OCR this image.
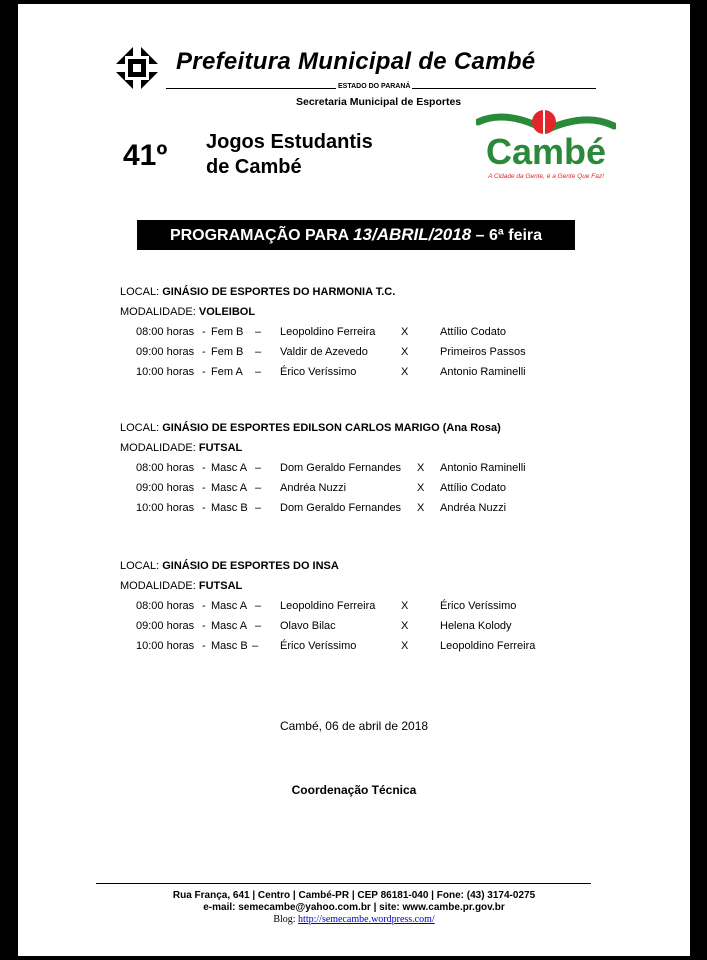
Prefeitura Municipal de Cambé
ESTADO DO PARANÁ
Secretaria Municipal de Esportes
41º Jogos Estudantis
de Cambé	Cambé
A Cidade da Gente, é a Gente Que Faz!
PROGRAMAÇÃO PARA 13/ABRIL/2018 – 6ª feira
LOCAL: GINÁSIO DE ESPORTES DO HARMONIA T.C.
MODALIDADE: VOLEIBOL
08:00 horas - Fem B – Leopoldino Ferreira X	Attílio Codato
09:00 horas - Fem B – Valdir de Azevedo	X	Primeiros Passos
10:00 horas - Fem A – Érico Veríssimo	X	Antonio Raminelli
LOCAL: GINÁSIO DE ESPORTES EDILSON CARLOS MARIGO (Ana Rosa)
MODALIDADE: FUTSAL
08:00 horas - Masc A – Dom Geraldo Fernandes X Antonio Raminelli
09:00 horas - Masc A – Andréa Nuzzi	X Attílio Codato
10:00 horas - Masc B – Dom Geraldo Fernandes X Andréa Nuzzi
LOCAL: GINÁSIO DE ESPORTES DO INSA
MODALIDADE: FUTSAL
08:00 horas - Masc A – Leopoldino Ferreira X	Érico Veríssimo
09:00 horas - Masc A – Olavo Bilac	X	Helena Kolody
10:00 horas - Masc B – Érico Veríssimo	X	Leopoldino Ferreira
Cambé, 06 de abril de 2018
Coordenação Técnica
Rua França, 641 | Centro | Cambé-PR | CEP 86181-040 | Fone: (43) 3174-0275
e-mail: semecambe@yahoo.com.br | site: www.cambe.pr.gov.br
Blog: http://semecambe.wordpress.com/
